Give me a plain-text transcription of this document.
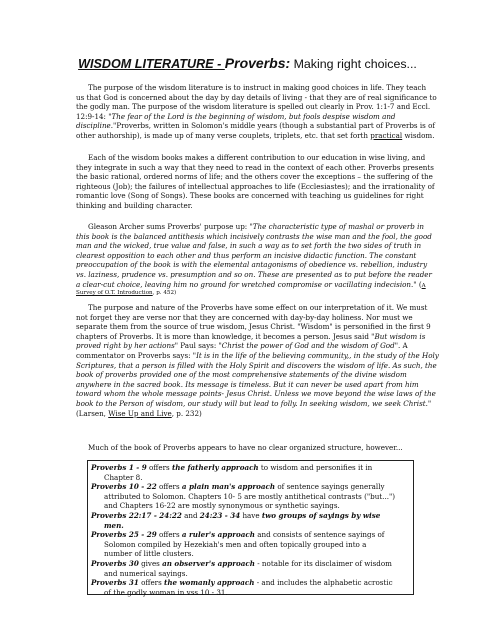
WISDOM LITERATURE - Proverbs: Making right choices...
The purpose of the wisdom literature is to instruct in making good choices in life. They teach
us that God is concerned about the day by day details of living - that they are of real significance to
the godly man. The purpose of the wisdom literature is spelled out clearly in Prov. 1:1-7 and Eccl.
12:9-14: "The fear of the Lord is the beginning of wisdom, but fools despise wisdom and
discipline."Proverbs, written in Solomon's middle years (though a substantial part of Proverbs is of
other authorship), is made up of many verse couplets, triplets, etc. that set forth practical wisdom.
Each of the wisdom books makes a different contribution to our education in wise living, and
they integrate in such a way that they need to read in the context of each other. Proverbs presents
the basic rational, ordered norms of life; and the others cover the exceptions – the suffering of the
righteous (Job); the failures of intellectual approaches to life (Ecclesiastes); and the irrationality of
romantic love (Song of Songs). These books are concerned with teaching us guidelines for right
thinking and building character.
Gleason Archer sums Proverbs' purpose up: "The characteristic type of mashal or proverb in
this book is the balanced antithesis which incisively contrasts the wise man and the fool, the good
man and the wicked, true value and false, in such a way as to set forth the two sides of truth in
clearest opposition to each other and thus perform an incisive didactic function. The constant
preoccupation of the book is with the elemental antagonisms of obedience vs. rebellion, industry
vs. laziness, prudence vs. presumption and so on. These are presented as to put before the reader
a clear-cut choice, leaving him no ground for wretched compromise or vacillating indecision." (A
Survey of O.T. Introduction, p. 452)
The purpose and nature of the Proverbs have some effect on our interpretation of it. We must
not forget they are verse nor that they are concerned with day-by-day holiness. Nor must we
separate them from the source of true wisdom, Jesus Christ. "Wisdom" is personified in the first 9
chapters of Proverbs. It is more than knowledge, it becomes a person. Jesus said "But wisdom is
proved right by her actions" Paul says: "Christ the power of God and the wisdom of God". A
commentator on Proverbs says: "It is in the life of the believing community,, in the study of the Holy
Scriptures, that a person is filled with the Holy Spirit and discovers the wisdom of life. As such, the
book of proverbs provided one of the most comprehensive statements of the divine wisdom
anywhere in the sacred book. Its message is timeless. But it can never be used apart from him
toward whom the whole message points- Jesus Christ. Unless we move beyond the wise laws of the
book to the Person of wisdom, our study will but lead to folly. In seeking wisdom, we seek Christ."
(Larsen, Wise Up and Live, p. 232)
Much of the book of Proverbs appears to have no clear organized structure, however...
Proverbs 1 - 9 offers the fatherly approach to wisdom and personifies it in
Chapter 8.
Proverbs 10 - 22 offers a plain man's approach of sentence sayings generally
attributed to Solomon. Chapters 10- 5 are mostly antithetical contrasts ("but...")
and Chapters 16-22 are mostly synonymous or synthetic sayings.
Proverbs 22:17 - 24:22 and 24:23 - 34 have two groups of sayings by wise
men.
Proverbs 25 - 29 offers a ruler's approach and consists of sentence sayings of
Solomon compiled by Hezekiah's men and often topically grouped into a
number of little clusters.
Proverbs 30 gives an observer's approach - notable for its disclaimer of wisdom
and numerical sayings.
Proverbs 31 offers the womanly approach - and includes the alphabetic acrostic
of the godly woman in vss 10 - 31.
